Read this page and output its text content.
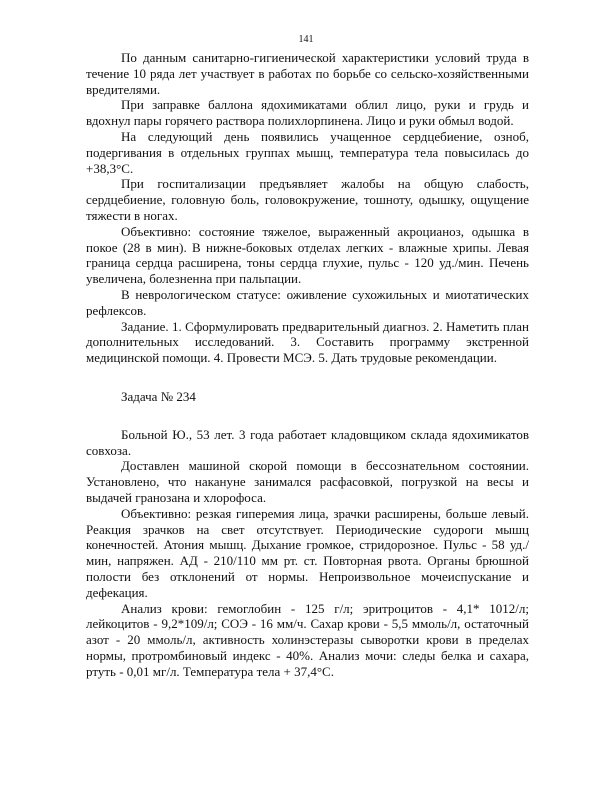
141

По данным санитарно-гигиенической характеристики условий труда в течение 10 ряда лет участвует в работах по борьбе со сельско-хозяйственными вредителями.

При заправке баллона ядохимикатами облил лицо, руки и грудь и вдохнул пары горячего раствора полихлорпинена. Лицо и руки обмыл водой.

На следующий день появились учащенное сердцебиение, озноб, подергивания в отдельных группах мышц, температура тела повысилась до +38,3°С.

При госпитализации предъявляет жалобы на общую слабость, сердцебиение, головную боль, головокружение, тошноту, одышку, ощущение тяжести в ногах.

Объективно: состояние тяжелое, выраженный акроцианоз, одышка в покое (28 в мин). В нижне-боковых отделах легких - влажные хрипы. Левая граница сердца расширена, тоны сердца глухие, пульс - 120 уд./мин. Печень увеличена, болезненна при пальпации.

В неврологическом статусе: оживление сухожильных и миотатических рефлексов.

Задание. 1. Сформулировать предварительный диагноз. 2. Наметить план дополнительных исследований. 3. Составить программу экстренной медицинской помощи. 4. Провести МСЭ. 5. Дать трудовые рекомендации.

Задача № 234

Больной Ю., 53 лет. 3 года работает кладовщиком склада ядохимикатов совхоза.

Доставлен машиной скорой помощи в бессознательном состоянии. Установлено, что накануне занимался расфасовкой, погрузкой на весы и выдачей гранозана и хлорофоса.

Объективно: резкая гиперемия лица, зрачки расширены, больше левый. Реакция зрачков на свет отсутствует. Периодические судороги мышц конечностей. Атония мышц. Дыхание громкое, стридорозное. Пульс - 58 уд./мин, напряжен. АД - 210/110 мм рт. ст. Повторная рвота. Органы брюшной полости без отклонений от нормы. Непроизвольное мочеиспускание и дефекация.

Анализ крови: гемоглобин - 125 г/л; эритроцитов - 4,1* 1012/л; лейкоцитов - 9,2*109/л; СОЭ - 16 мм/ч. Сахар крови - 5,5 ммоль/л, остаточный азот - 20 ммоль/л, активность холинэстеразы сыворотки крови в пределах нормы, протромбиновый индекс - 40%. Анализ мочи: следы белка и сахара, ртуть - 0,01 мг/л. Температура тела + 37,4°С.
